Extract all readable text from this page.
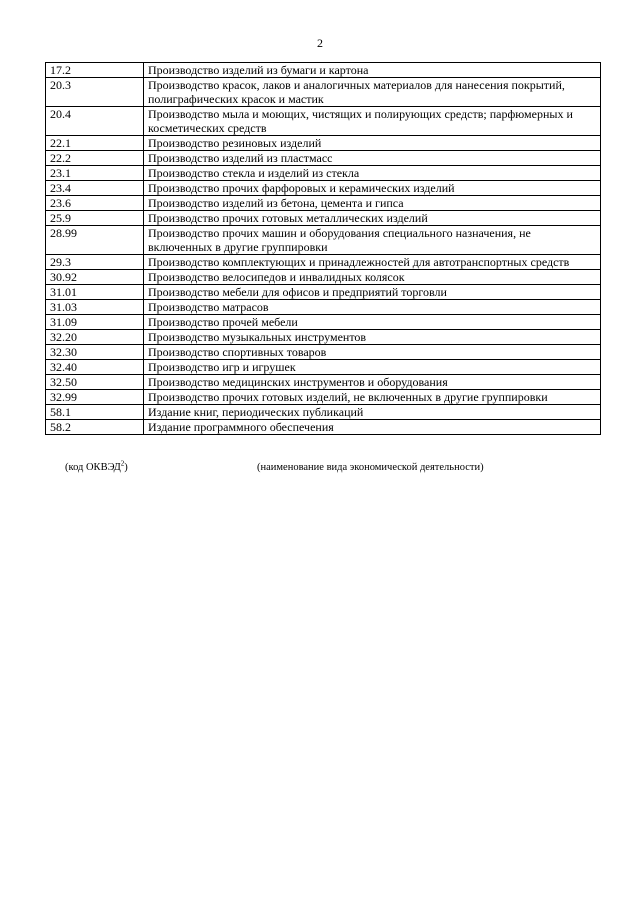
2
17.2	Производство изделий из бумаги и картона
20.3	Производство красок, лаков и аналогичных материалов для нанесения покрытий, полиграфических красок и мастик
20.4	Производство мыла и моющих, чистящих и полирующих средств; парфюмерных и косметических средств
22.1	Производство резиновых изделий
22.2	Производство изделий из пластмасс
23.1	Производство стекла и изделий из стекла
23.4	Производство прочих фарфоровых и керамических изделий
23.6	Производство изделий из бетона, цемента и гипса
25.9	Производство прочих готовых металлических изделий
28.99	Производство прочих машин и оборудования специального назначения, не включенных в другие группировки
29.3	Производство комплектующих и принадлежностей для автотранспортных средств
30.92	Производство велосипедов и инвалидных колясок
31.01	Производство мебели для офисов и предприятий торговли
31.03	Производство матрасов
31.09	Производство прочей мебели
32.20	Производство музыкальных инструментов
32.30	Производство спортивных товаров
32.40	Производство игр и игрушек
32.50	Производство медицинских инструментов и оборудования
32.99	Производство прочих готовых изделий, не включенных в другие группировки
58.1	Издание книг, периодических публикаций
58.2	Издание программного обеспечения
(код ОКВЭД$^2$)	(наименование вида экономической деятельности)
